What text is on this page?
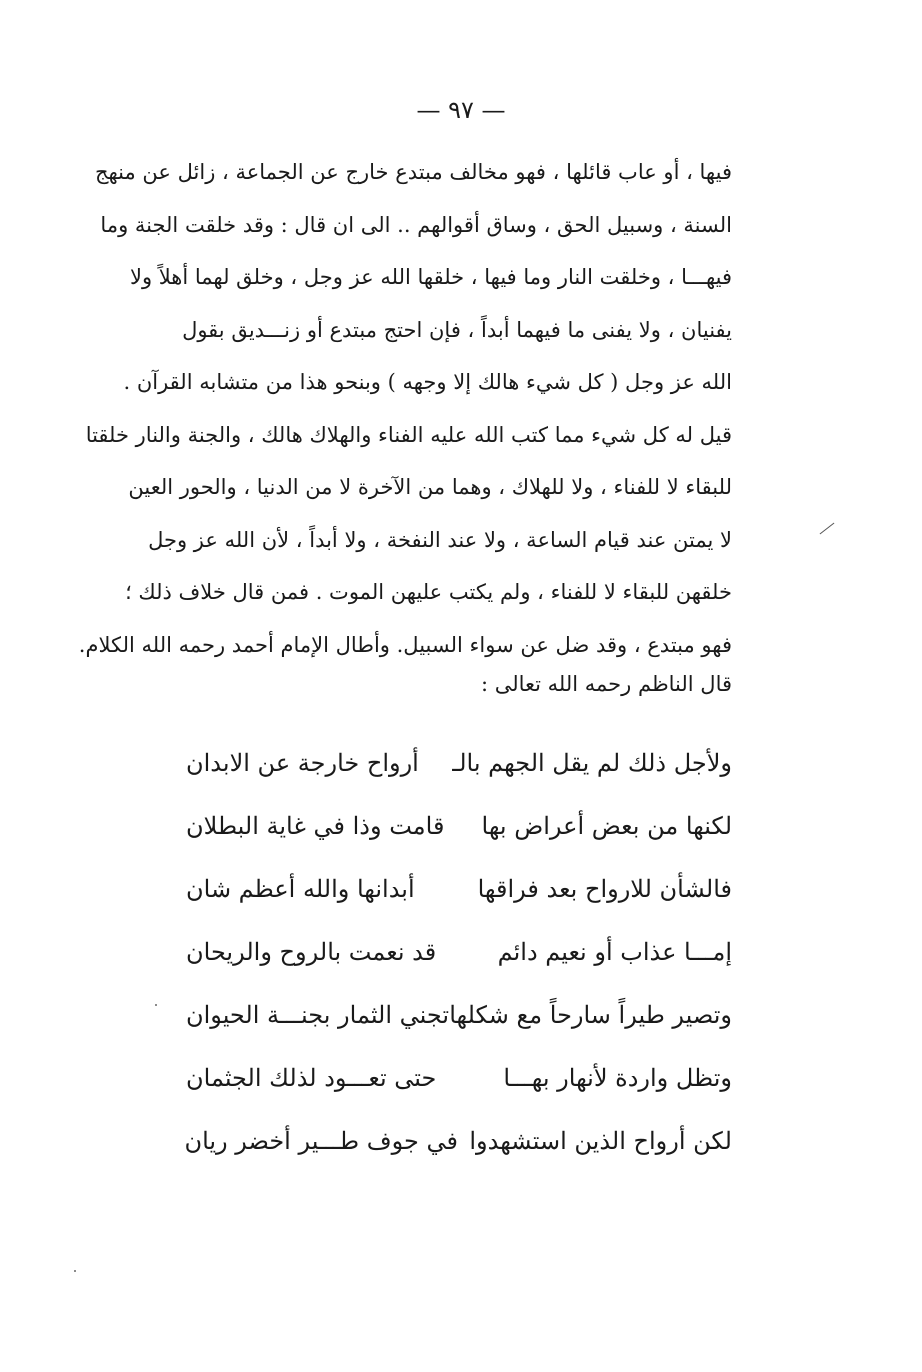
— ٩٧ —
فيها ، أو عاب قائلها ، فهو مخالف مبتدع خارج عن الجماعة ، زائل عن منهج
السنة ، وسبيل الحق ، وساق أقوالهم .. الى ان قال : وقد خلقت الجنة وما
فيهـــا ، وخلقت النار وما فيها ، خلقها الله عز وجل ، وخلق لهما أهلاً ولا
يفنيان ، ولا يفنى ما فيهما أبداً ، فإن احتج مبتدع أو زنـــديق بقول
الله عز وجل ( كل شيء هالك إلا وجهه ) وبنحو هذا من متشابه القرآن .
قيل له كل شيء مما كتب الله عليه الفناء والهلاك هالك ، والجنة والنار خلقتا
للبقاء لا للفناء ، ولا للهلاك ، وهما من الآخرة لا من الدنيا ، والحور العين
لا يمتن عند قيام الساعة ، ولا عند النفخة ، ولا أبداً ، لأن الله عز وجل
خلقهن للبقاء لا للفناء ، ولم يكتب عليهن الموت . فمن قال خلاف ذلك ؛
فهو مبتدع ، وقد ضل عن سواء السبيل. وأطال الإمام أحمد رحمه الله الكلام.
قال الناظم رحمه الله تعالى :
ولأجل ذلك لم يقل الجهم بالـ
أرواح خارجة عن الابدان
لكنها من بعض أعراض بها
قامت وذا في غاية البطلان
فالشأن للارواح بعد فراقها
أبدانها والله أعظم شان
إمـــا عذاب أو نعيم دائم
قد نعمت بالروح والريحان
وتصير طيراً سارحاً مع شكلها
تجني الثمار بجنـــة الحيوان
وتظل واردة لأنهار بهـــا
حتى تعـــود لذلك الجثمان
لكن أرواح الذين استشهدوا
في جوف طـــير أخضر ريان
